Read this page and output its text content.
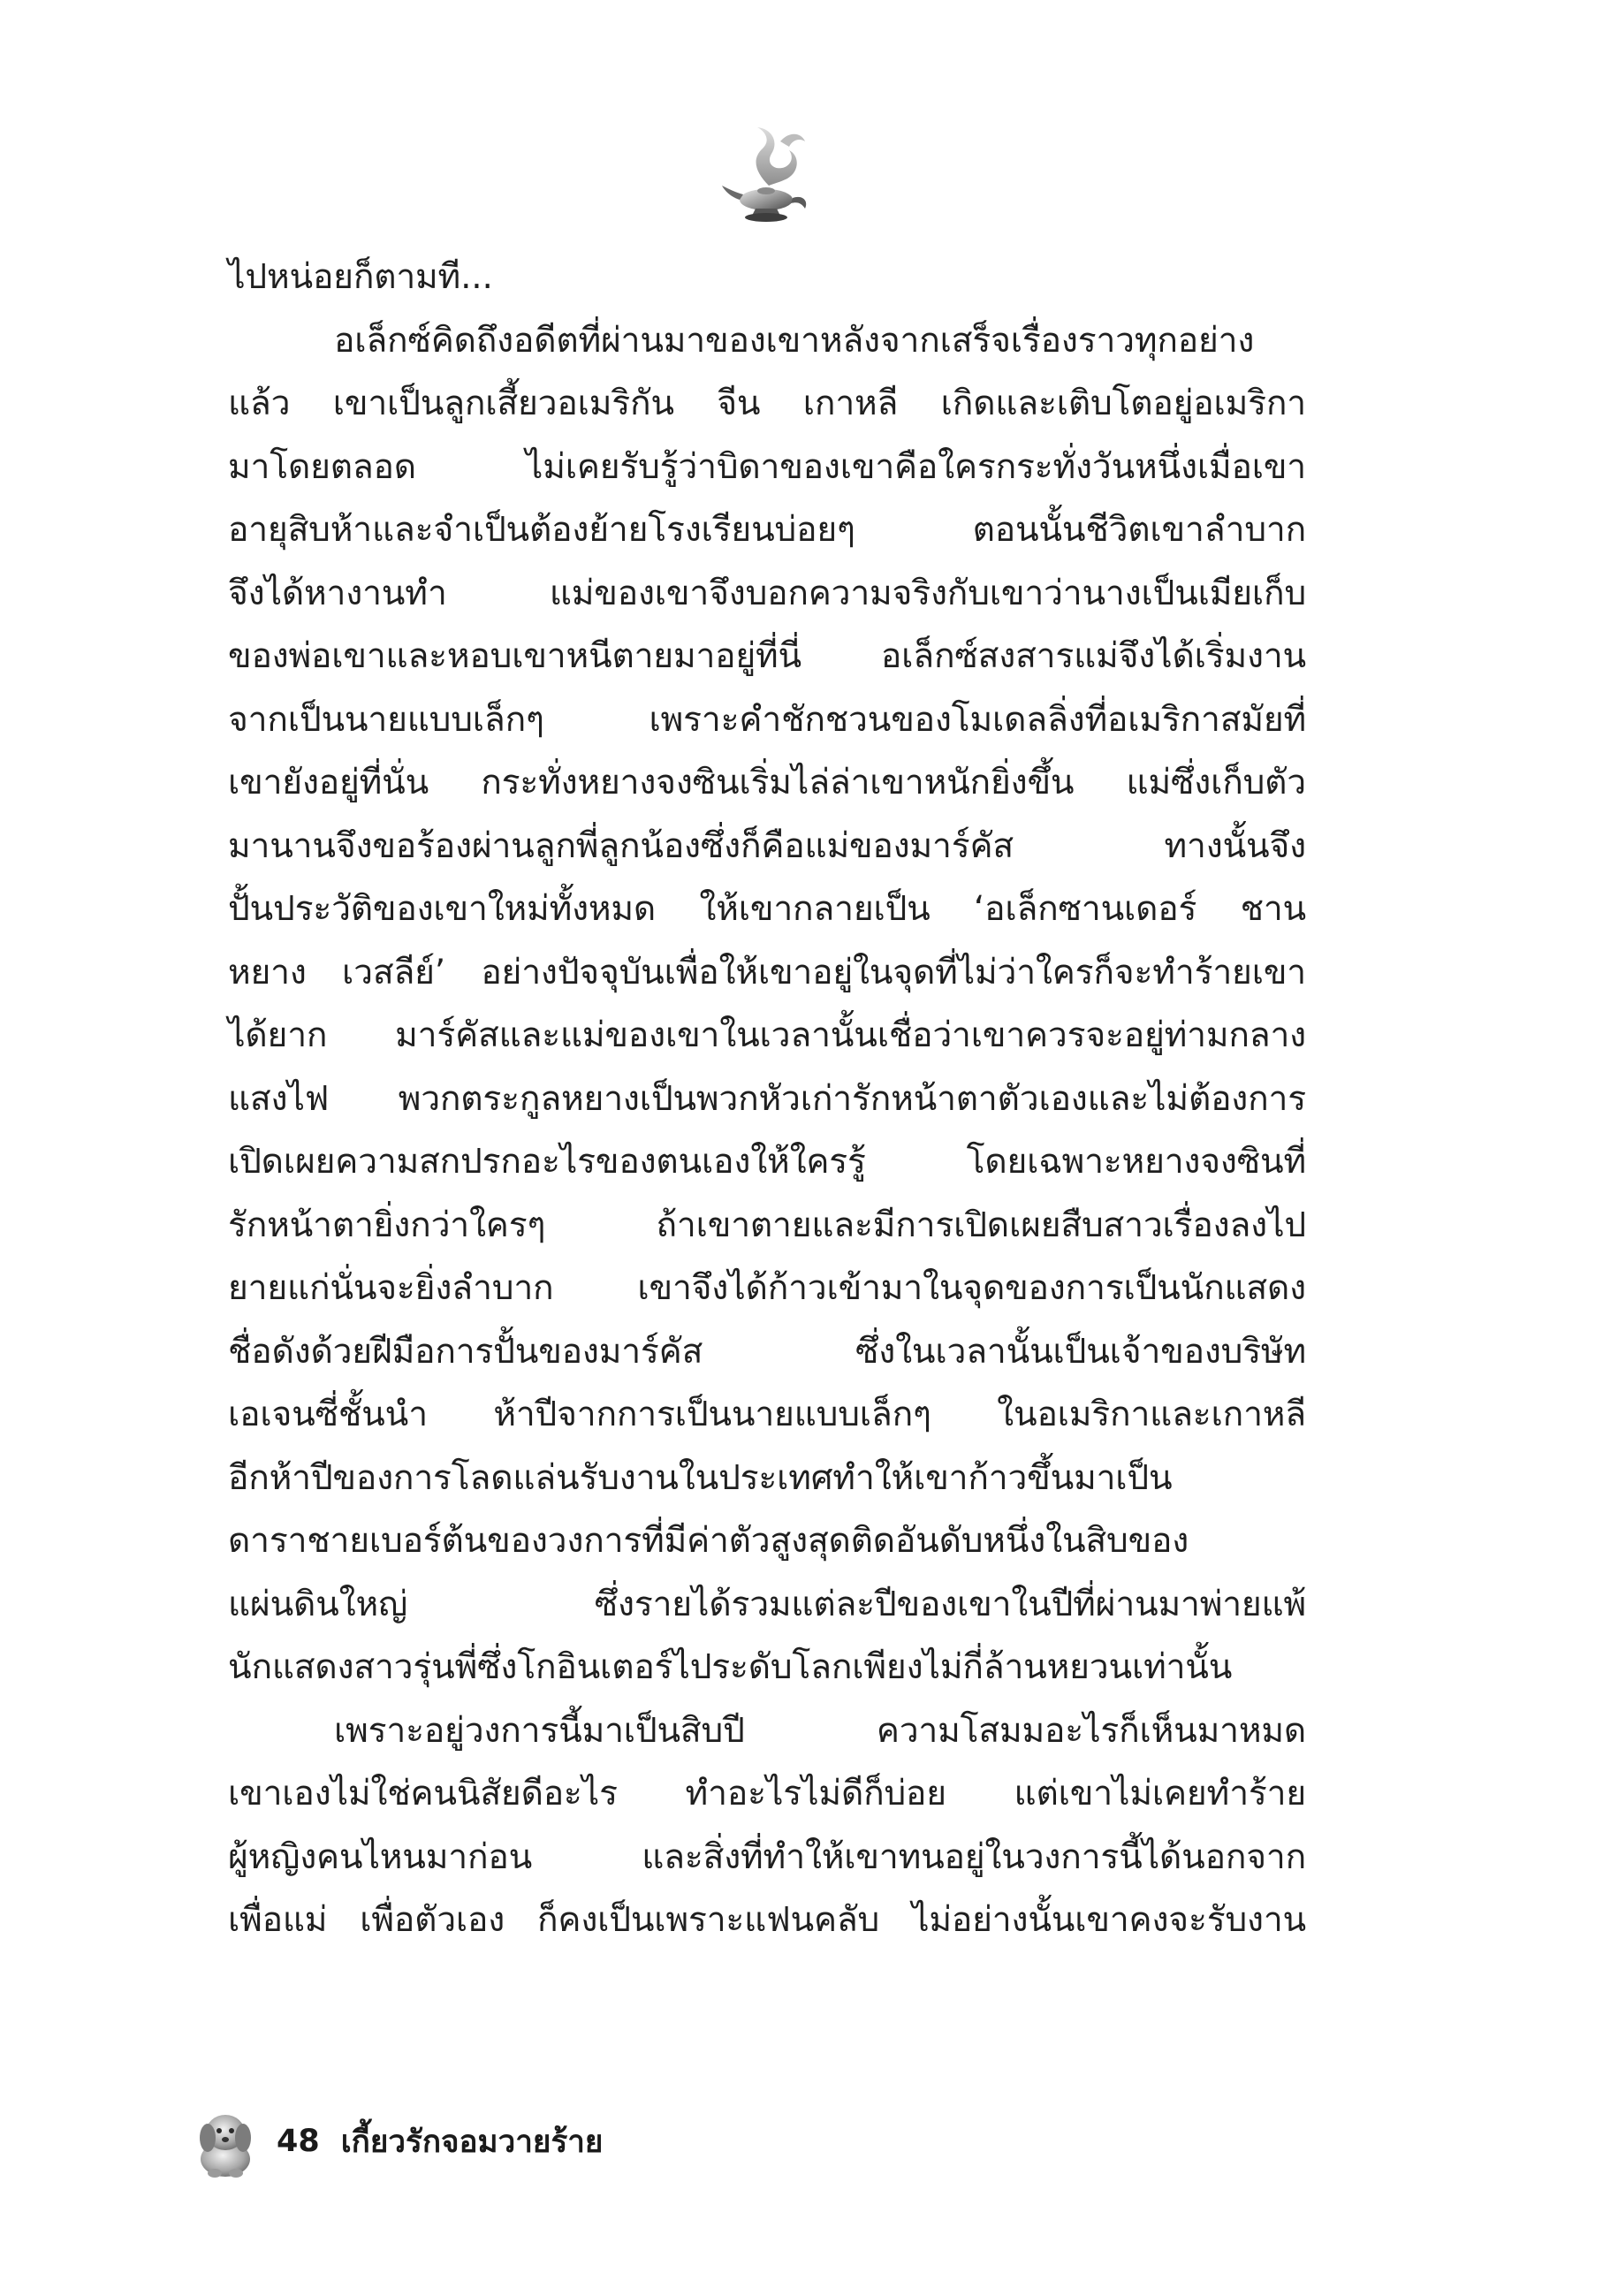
ไปหน่อยก็ตามที...
อเล็กซ์คิดถึงอดีตที่ผ่านมาของเขาหลังจากเสร็จเรื่องราวทุกอย่าง
แล้ว เขาเป็นลูกเสี้ยวอเมริกัน จีน เกาหลี เกิดและเติบโตอยู่อเมริกา
มาโดยตลอด ไม่เคยรับรู้ว่าบิดาของเขาคือใครกระทั่งวันหนึ่งเมื่อเขา
อายุสิบห้าและจำเป็นต้องย้ายโรงเรียนบ่อยๆ ตอนนั้นชีวิตเขาลำบาก
จึงได้หางานทำ แม่ของเขาจึงบอกความจริงกับเขาว่านางเป็นเมียเก็บ
ของพ่อเขาและหอบเขาหนีตายมาอยู่ที่นี่ อเล็กซ์สงสารแม่จึงได้เริ่มงาน
จากเป็นนายแบบเล็กๆ เพราะคำชักชวนของโมเดลลิ่งที่อเมริกาสมัยที่
เขายังอยู่ที่นั่น กระทั่งหยางจงซินเริ่มไล่ล่าเขาหนักยิ่งขึ้น แม่ซึ่งเก็บตัว
มานานจึงขอร้องผ่านลูกพี่ลูกน้องซึ่งก็คือแม่ของมาร์คัส ทางนั้นจึง
ปั้นประวัติของเขาใหม่ทั้งหมด ให้เขากลายเป็น ‘อเล็กซานเดอร์ ชาน
หยาง เวสลีย์’ อย่างปัจจุบันเพื่อให้เขาอยู่ในจุดที่ไม่ว่าใครก็จะทำร้ายเขา
ได้ยาก มาร์คัสและแม่ของเขาในเวลานั้นเชื่อว่าเขาควรจะอยู่ท่ามกลาง
แสงไฟ พวกตระกูลหยางเป็นพวกหัวเก่ารักหน้าตาตัวเองและไม่ต้องการ
เปิดเผยความสกปรกอะไรของตนเองให้ใครรู้ โดยเฉพาะหยางจงซินที่
รักหน้าตายิ่งกว่าใครๆ ถ้าเขาตายและมีการเปิดเผยสืบสาวเรื่องลงไป
ยายแก่นั่นจะยิ่งลำบาก เขาจึงได้ก้าวเข้ามาในจุดของการเป็นนักแสดง
ชื่อดังด้วยฝีมือการปั้นของมาร์คัส ซึ่งในเวลานั้นเป็นเจ้าของบริษัท
เอเจนซี่ชั้นนำ ห้าปีจากการเป็นนายแบบเล็กๆ ในอเมริกาและเกาหลี
อีกห้าปีของการโลดแล่นรับงานในประเทศทำให้เขาก้าวขึ้นมาเป็น
ดาราชายเบอร์ต้นของวงการที่มีค่าตัวสูงสุดติดอันดับหนึ่งในสิบของ
แผ่นดินใหญ่ ซึ่งรายได้รวมแต่ละปีของเขาในปีที่ผ่านมาพ่ายแพ้
นักแสดงสาวรุ่นพี่ซึ่งโกอินเตอร์ไประดับโลกเพียงไม่กี่ล้านหยวนเท่านั้น
เพราะอยู่วงการนี้มาเป็นสิบปี ความโสมมอะไรก็เห็นมาหมด
เขาเองไม่ใช่คนนิสัยดีอะไร ทำอะไรไม่ดีก็บ่อย แต่เขาไม่เคยทำร้าย
ผู้หญิงคนไหนมาก่อน และสิ่งที่ทำให้เขาทนอยู่ในวงการนี้ได้นอกจาก
เพื่อแม่ เพื่อตัวเอง ก็คงเป็นเพราะแฟนคลับ ไม่อย่างนั้นเขาคงจะรับงาน
48 เกี้ยวรักจอมวายร้าย
